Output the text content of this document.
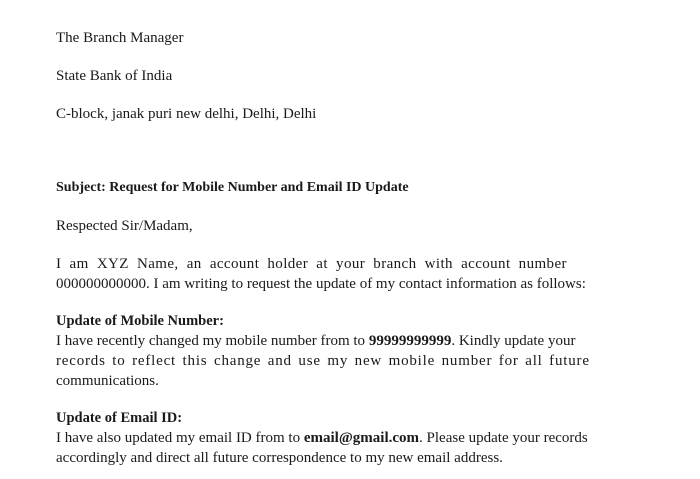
The Branch Manager

State Bank of India

C-block, janak puri new delhi, Delhi, Delhi

Subject: Request for Mobile Number and Email ID Update

Respected Sir/Madam,

I am XYZ Name, an account holder at your branch with account number

000000000000. I am writing to request the update of my contact information as follows:

Update of Mobile Number:

I have recently changed my mobile number from to 99999999999. Kindly update your

records to reflect this change and use my new mobile number for all future

communications.

Update of Email ID:

I have also updated my email ID from to email@gmail.com. Please update your records

accordingly and direct all future correspondence to my new email address.
